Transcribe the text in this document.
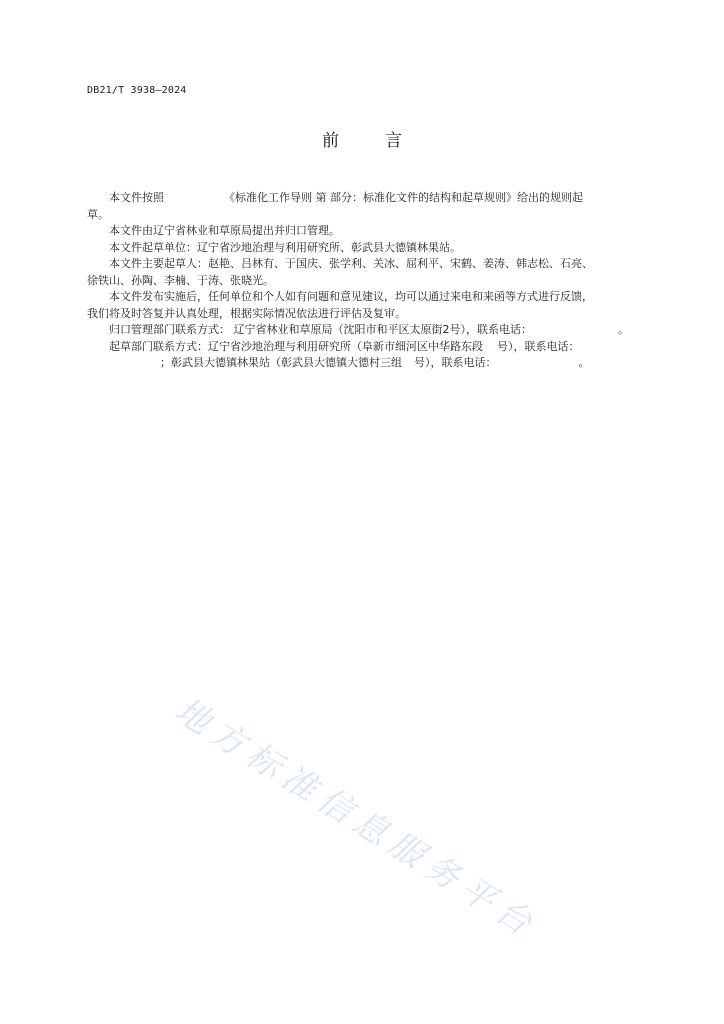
DB21/T 3938—2024
前	言

本文件按照	《标准化工作导则 第 部分：标准化文件的结构和起草规则》给出的规则起

草。

本文件由辽宁省林业和草原局提出并归口管理。

本文件起草单位：辽宁省沙地治理与利用研究所、彰武县大德镇林果站。

本文件主要起草人：赵艳、吕林有、于国庆、张学利、关冰、屈利平、宋鹤、姜涛、韩志松、石亮、

徐铁山、孙陶、李楠、于涛、张晓光。

本文件发布实施后，任何单位和个人如有问题和意见建议，均可以通过来电和来函等方式进行反馈，

我们将及时答复并认真处理，根据实际情况依法进行评估及复审。

归口管理部门联系方式： 辽宁省林业和草原局（沈阳市和平区太原街2号），联系电话：	。

起草部门联系方式：辽宁省沙地治理与利用研究所（阜新市细河区中华路东段 号），联系电话：

；彰武县大德镇林果站（彰武县大德镇大德村三组 号），联系电话：	。

地方标准信息服务平台
